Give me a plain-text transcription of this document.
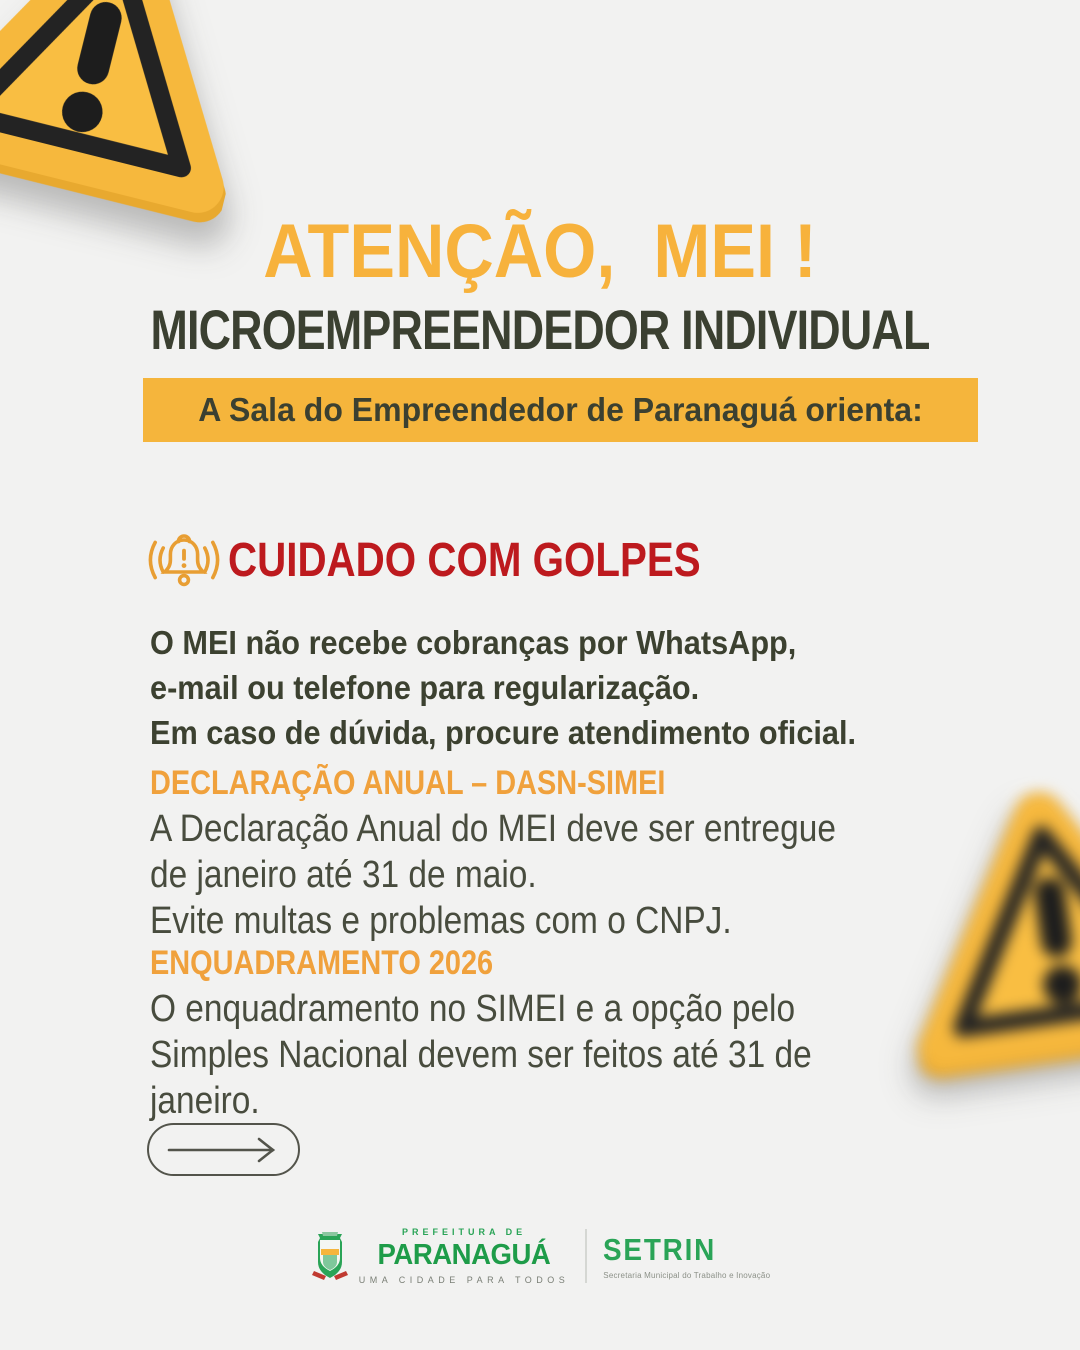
ATENÇÃO,  MEI !
MICROEMPREENDEDOR INDIVIDUAL
A Sala do Empreendedor de Paranaguá orienta:
CUIDADO COM GOLPES
O MEI não recebe cobranças por WhatsApp,
e-mail ou telefone para regularização.
Em caso de dúvida, procure atendimento oficial.
DECLARAÇÃO ANUAL – DASN-SIMEI
A Declaração Anual do MEI deve ser entregue
de janeiro até 31 de maio.
Evite multas e problemas com o CNPJ.
ENQUADRAMENTO 2026
O enquadramento no SIMEI e a opção pelo
Simples Nacional devem ser feitos até 31 de
janeiro.
PREFEITURA DE
PARANAGUÁ
UMA CIDADE PARA TODOS
SETRIN
Secretaria Municipal do Trabalho e Inovação
